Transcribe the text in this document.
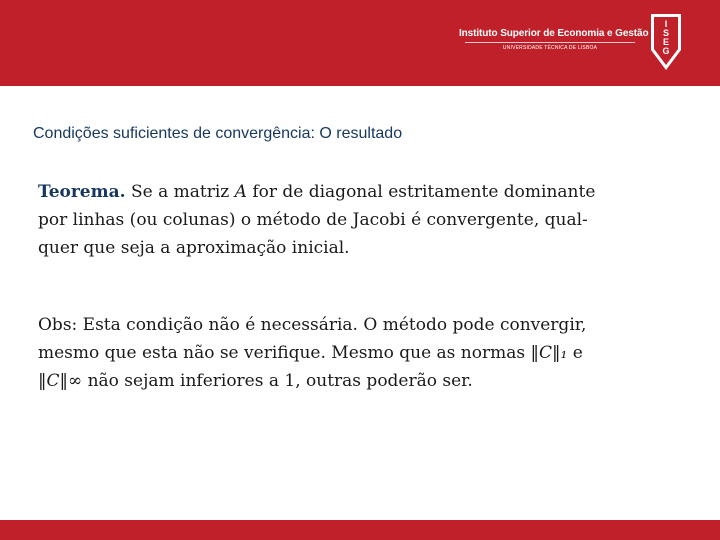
Instituto Superior de Economia e Gestão
UNIVERSIDADE TÉCNICA DE LISBOA
I
S
E
G
Condições suficientes de convergência: O resultado
Teorema. Se a matriz A for de diagonal estritamente dominante
por linhas (ou colunas) o método de Jacobi é convergente, qual-
quer que seja a aproximação inicial.
Obs: Esta condição não é necessária. O método pode convergir,
mesmo que esta não se verifique. Mesmo que as normas ‖C‖₁ e
‖C‖∞ não sejam inferiores a 1, outras poderão ser.
